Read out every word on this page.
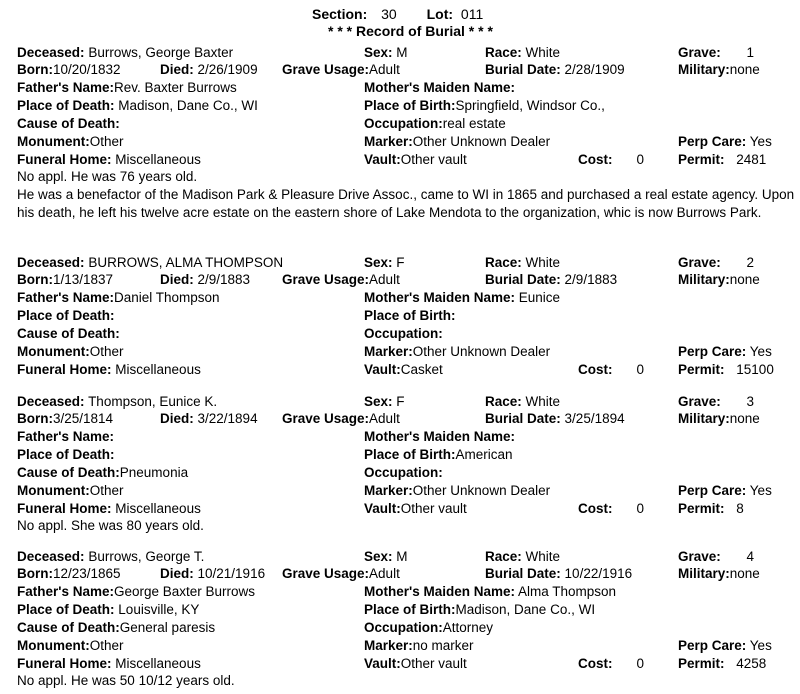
Section: 30 Lot: 011
* * * Record of Burial * * *
Deceased: Burrows, George Baxter	Sex: M	Race: White	Grave: 1
Born:10/20/1832	Died: 2/26/1909 Grave Usage:Adult	Burial Date: 2/28/1909	Military:none
Father's Name:Rev. Baxter Burrows	Mother's Maiden Name:
Place of Death: Madison, Dane Co., WI	Place of Birth:Springfield, Windsor Co.,
Cause of Death:	Occupation:real estate
Monument:Other	Marker:Other Unknown Dealer	Perp Care: Yes
Funeral Home: Miscellaneous	Vault:Other vault	Cost: 0	Permit: 2481
No appl. He was 76 years old.
He was a benefactor of the Madison Park & Pleasure Drive Assoc., came to WI in 1865 and purchased a real estate agency. Upon his death, he left his twelve acre estate on the eastern shore of Lake Mendota to the organization, whic is now Burrows Park.
Deceased: BURROWS, ALMA THOMPSON	Sex: F	Race: White	Grave: 2
Born:1/13/1837	Died: 2/9/1883 Grave Usage:Adult	Burial Date: 2/9/1883	Military:none
Father's Name:Daniel Thompson	Mother's Maiden Name: Eunice
Place of Death:	Place of Birth:
Cause of Death:	Occupation:
Monument:Other	Marker:Other Unknown Dealer	Perp Care: Yes
Funeral Home: Miscellaneous	Vault:Casket	Cost: 0	Permit: 15100
Deceased: Thompson, Eunice K.	Sex: F	Race: White	Grave: 3
Born:3/25/1814	Died: 3/22/1894 Grave Usage:Adult	Burial Date: 3/25/1894	Military:none
Father's Name:	Mother's Maiden Name:
Place of Death:	Place of Birth:American
Cause of Death:Pneumonia	Occupation:
Monument:Other	Marker:Other Unknown Dealer	Perp Care: Yes
Funeral Home: Miscellaneous	Vault:Other vault	Cost: 0	Permit: 8
No appl. She was 80 years old.
Deceased: Burrows, George T.	Sex: M	Race: White	Grave: 4
Born:12/23/1865	Died: 10/21/1916 Grave Usage:Adult	Burial Date: 10/22/1916	Military:none
Father's Name:George Baxter Burrows	Mother's Maiden Name: Alma Thompson
Place of Death: Louisville, KY	Place of Birth:Madison, Dane Co., WI
Cause of Death:General paresis	Occupation:Attorney
Monument:Other	Marker:no marker	Perp Care: Yes
Funeral Home: Miscellaneous	Vault:Other vault	Cost: 0	Permit: 4258
No appl. He was 50 10/12 years old.
